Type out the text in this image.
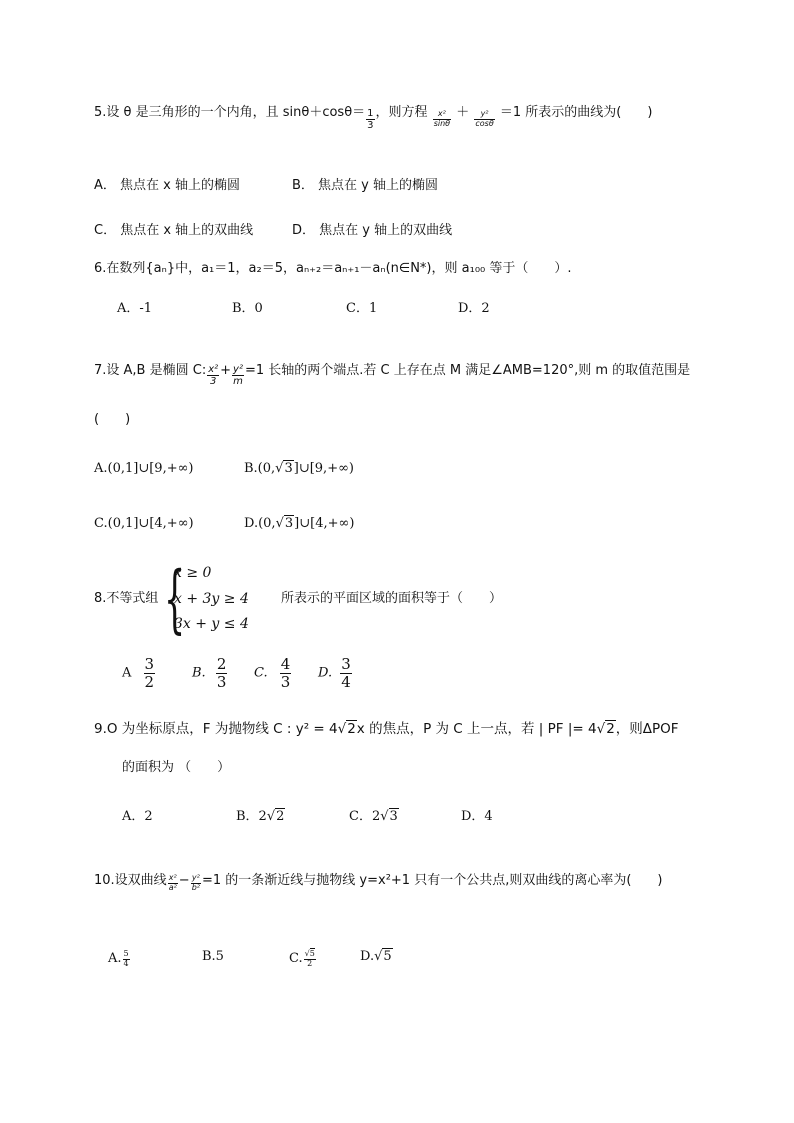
5.设 θ 是三角形的一个内角，且 $\sin\theta+\cos\theta= \frac{1}{3}$ ，则方程 $\frac{\text{x²}}{\sin\theta} + \frac{\text{y²}}{\cos\theta} =1$ 所表示的曲线为(　　)
A． 焦点在 x 轴上的椭圆	B． 焦点在 y 轴上的椭圆
C． 焦点在 x 轴上的双曲线	D． 焦点在 y 轴上的双曲线
6.在数列{aₙ}中，a₁＝1，a₂＝5，aₙ₊₂＝aₙ₊₁－aₙ(n∈N*)，则 a₁₀₀ 等于（　　）.
A．-1	B．0	C．1	D．2
7.设 A,B 是椭圆 C: $\frac{\text{x²}}{3} + \frac{\text{y²}}{m} =1$ 长轴的两个端点.若 C 上存在点 M 满足∠AMB=120°,则 m 的取值范围是
(　　)
A.(0,1]∪[9,+∞)	B.(0,√3]∪[9,+∞)
C.(0,1]∪[4,+∞)	D.(0,√3]∪[4,+∞)
8.不等式组 {
x ≥ 0
x + 3y ≥ 4
3x + y ≤ 4
所表示的平面区域的面积等于（　　）
A $\frac{3}{2}$	B. $\frac{2}{3} C$. $\frac{4}{3} D$. $\frac{3}{4}$
9.O 为坐标原点，F 为抛物线 C : y² = 4√2x 的焦点，P 为 C 上一点，若 | PF |= 4√2，则ΔPOF
的面积为 （　　）
A．2	B．2√2	C．2√3	D．4
10.设双曲线 $\frac{\text{x²}}{\text{a²}} - \frac{\text{y²}}{\text{b²}} =1$ 的一条渐近线与抛物线 y=x²+1 只有一个公共点,则双曲线的离心率为(　　)
A. $\frac{5}{4}$	B.5	C. $\frac{√5}{2}$	D.√5
